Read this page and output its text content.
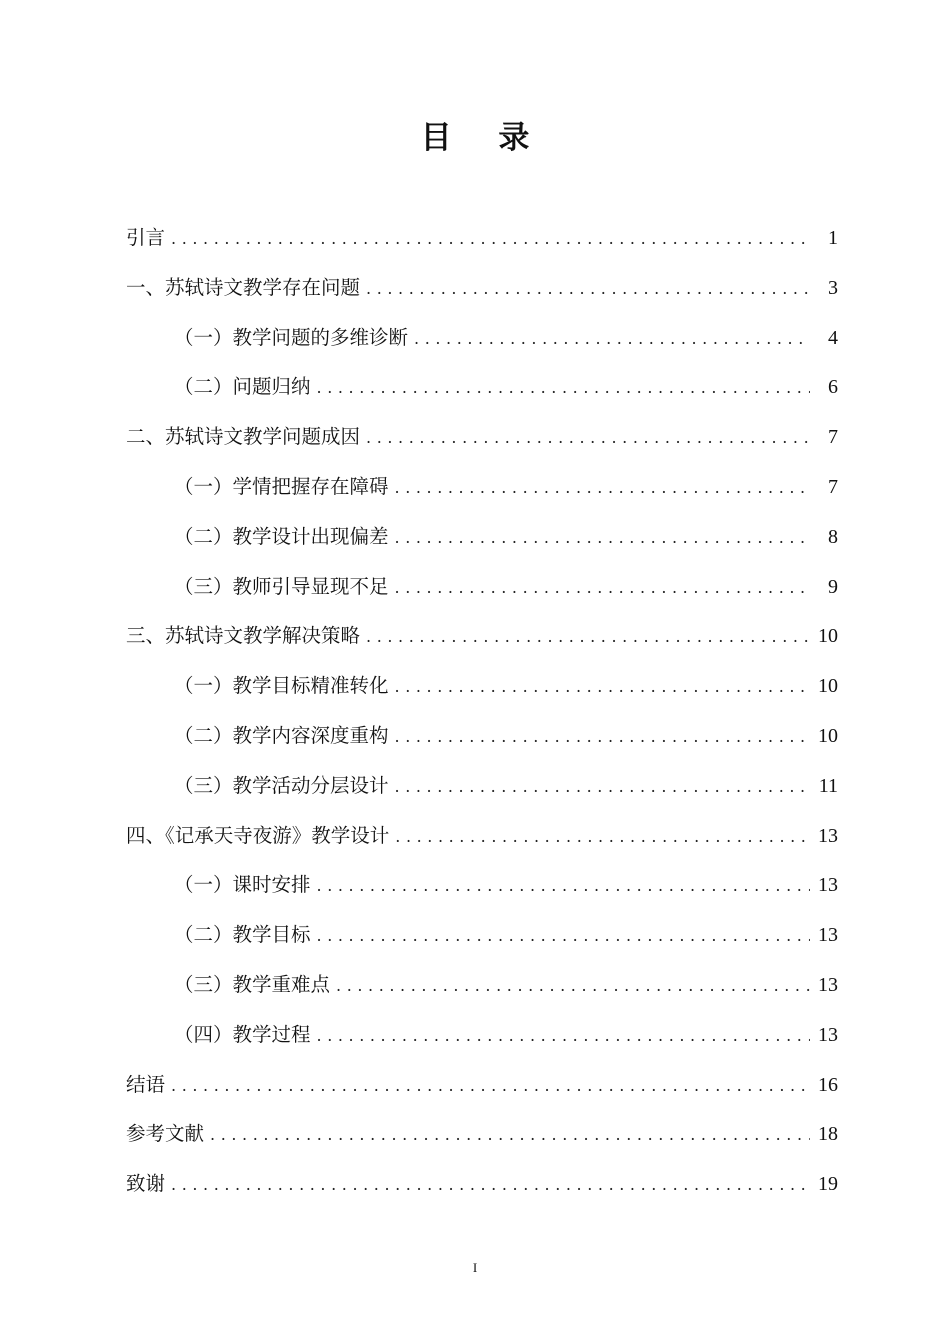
目 录
引言 . . .	1
一、苏轼诗文教学存在问题 . . .	3
（一）教学问题的多维诊断 . . .	4
（二）问题归纳 . . .	6
二、苏轼诗文教学问题成因 . . .	7
（一）学情把握存在障碍 . . .	7
（二）教学设计出现偏差 . . .	8
（三）教师引导显现不足 . . .	9
三、苏轼诗文教学解决策略 . . .	10
（一）教学目标精准转化 . . .	10
（二）教学内容深度重构 . . .	10
（三）教学活动分层设计 . . .	11
四、《记承天寺夜游》教学设计 . . .	13
（一）课时安排 . . .	13
（二）教学目标 . . .	13
（三）教学重难点 . . .	13
（四）教学过程 . . .	13
结语 . . .	16
参考文献 . . .	18
致谢 . . .	19
I
